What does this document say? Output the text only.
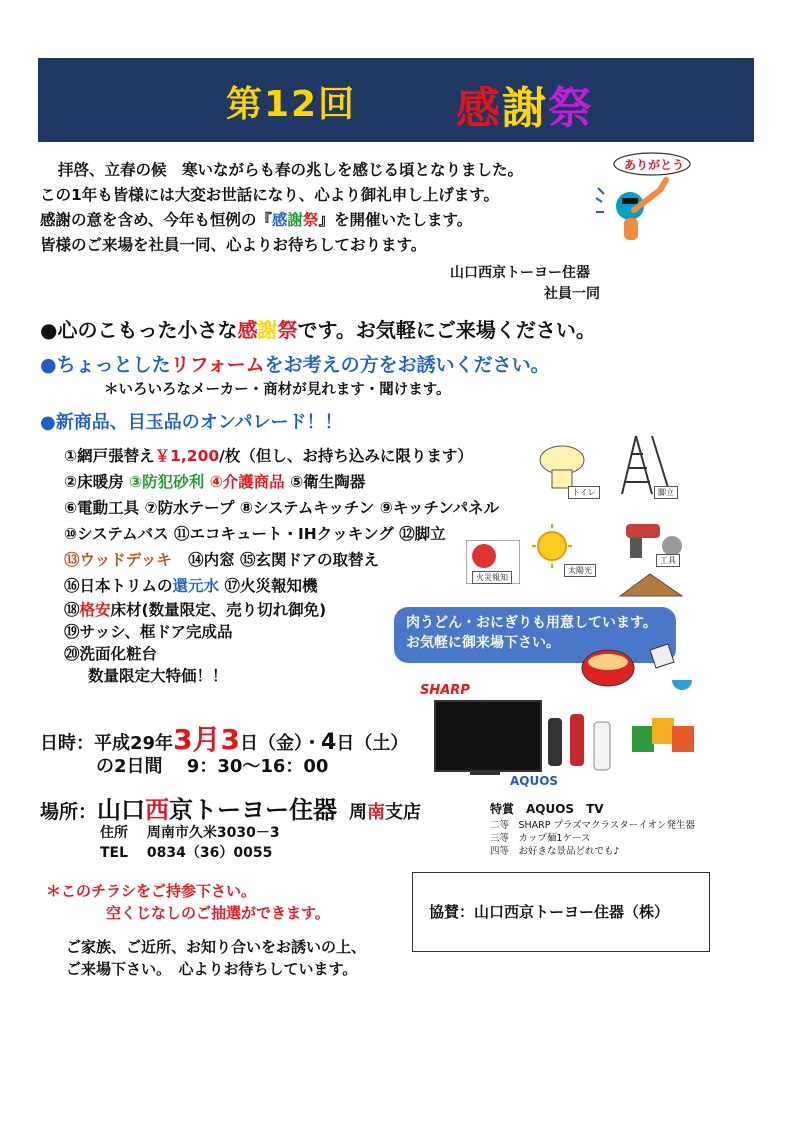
第12回 感謝祭
拝啓、立春の候　寒いながらも春の兆しを感じる頃となりました。
この1年も皆様には大変お世話になり、心より御礼申し上げます。
感謝の意を含め、今年も恒例の『感謝祭』を開催いたします。
皆様のご来場を社員一同、心よりお待ちしております。
山口西京トーヨー住器
社員一同
ありがとう
●心のこもった小さな感謝祭です。お気軽にご来場ください。
●ちょっとしたリフォームをお考えの方をお誘いください。
＊いろいろなメーカー・商材が見れます・聞けます。
●新商品、目玉品のオンパレード！！
①網戸張替え￥1,200/枚（但し、お持ち込みに限ります）
②床暖房 ③防犯砂利 ④介護商品 ⑤衛生陶器
⑥電動工具 ⑦防水テープ ⑧システムキッチン ⑨キッチンパネル
⑩システムバス ⑪エコキュート・IHクッキング ⑫脚立
⑬ウッドデッキ ⑭内窓 ⑮玄関ドアの取替え
⑯日本トリムの還元水 ⑰火災報知機
⑱格安床材(数量限定、売り切れ御免)
⑲サッシ、框ドア完成品
⑳洗面化粧台
数量限定大特価！！
トイレ	脚立
工具
火災報知
太陽光
肉うどん・おにぎりも用意しています。
お気軽に御来場下さい。
SHARP
AQUOS
日時：平成29年3月3日（金）・4日（土）
の2日間　 9：30～16：00
場所：山口西京トーヨー住器 周南支店
住所　 周南市久米3030－3
TEL　 0834（36）0055
特賞　AQUOS　TV
二等　SHARP プラズマクラスターイオン発生器
三等　カップ麺1ケース
四等　お好きな景品どれでも♪
＊このチラシをご持参下さい。
空くじなしのご抽選ができます。	協賛：山口西京トーヨー住器（株）
ご家族、ご近所、お知り合いをお誘いの上、
ご来場下さい。　心よりお待ちしています。
